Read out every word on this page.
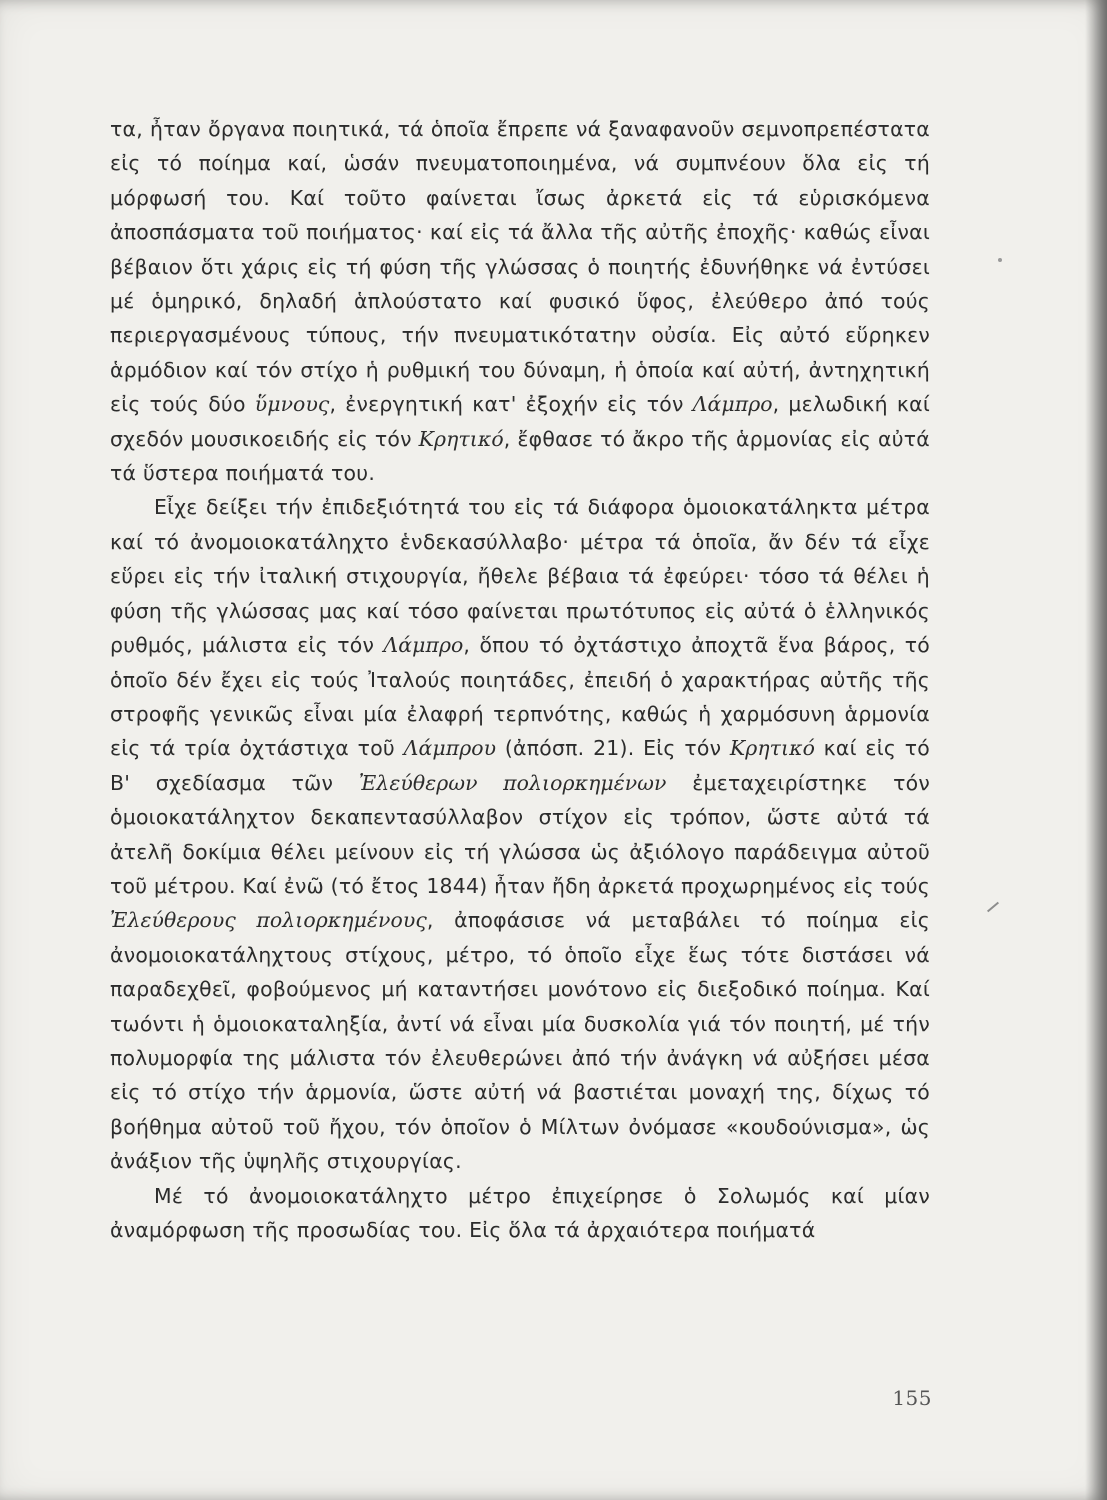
τα, ἦταν ὄργανα ποιητικά, τά ὁποῖα ἔπρεπε νά ξαναφανοῦν σεμνοπρεπέστατα εἰς τό ποίημα καί, ὡσάν πνευματοποιημένα, νά συμπνέουν ὅλα εἰς τή μόρφωσή του. Καί τοῦτο φαίνεται ἴσως ἀρκετά εἰς τά εὑρισκόμενα ἀποσπάσματα τοῦ ποιήματος· καί εἰς τά ἄλλα τῆς αὐτῆς ἐποχῆς· καθώς εἶναι βέβαιον ὅτι χάρις εἰς τή φύση τῆς γλώσσας ὁ ποιητής ἐδυνήθηκε νά ἐντύσει μέ ὁμηρικό, δηλαδή ἁπλούστατο καί φυσικό ὕφος, ἐλεύθερο ἀπό τούς περιεργασμένους τύπους, τήν πνευματικότατην οὐσία. Εἰς αὐτό εὕρηκεν ἁρμόδιον καί τόν στίχο ἡ ρυθμική του δύναμη, ἡ ὁποία καί αὐτή, ἀντηχητική εἰς τούς δύο ὕμνους, ἐνεργητική κατ' ἐξοχήν εἰς τόν Λάμπρο, μελωδική καί σχεδόν μουσικοειδής εἰς τόν Κρητικό, ἔφθασε τό ἄκρο τῆς ἁρμονίας εἰς αὐτά τά ὕστερα ποιήματά του.

Εἶχε δείξει τήν ἐπιδεξιότητά του εἰς τά διάφορα ὁμοιοκατάληκτα μέτρα καί τό ἀνομοιοκατάληχτο ἑνδεκασύλλαβο· μέτρα τά ὁποῖα, ἄν δέν τά εἶχε εὕρει εἰς τήν ἰταλική στιχουργία, ἤθελε βέβαια τά ἐφεύρει· τόσο τά θέλει ἡ φύση τῆς γλώσσας μας καί τόσο φαίνεται πρωτότυπος εἰς αὐτά ὁ ἑλληνικός ρυθμός, μάλιστα εἰς τόν Λάμπρο, ὅπου τό ὀχτάστιχο ἀποχτᾶ ἕνα βάρος, τό ὁποῖο δέν ἔχει εἰς τούς Ἰταλούς ποιητάδες, ἐπειδή ὁ χαρακτήρας αὐτῆς τῆς στροφῆς γενικῶς εἶναι μία ἐλαφρή τερπνότης, καθώς ἡ χαρμόσυνη ἁρμονία εἰς τά τρία ὀχτάστιχα τοῦ Λάμπρου (ἀπόσπ. 21). Εἰς τόν Κρητικό καί εἰς τό Β' σχεδίασμα τῶν Ἐλεύθερων πολιορκημένων ἐμεταχειρίστηκε τόν ὁμοιοκατάληχτον δεκαπεντασύλλαβον στίχον εἰς τρόπον, ὥστε αὐτά τά ἀτελῆ δοκίμια θέλει μείνουν εἰς τή γλώσσα ὡς ἀξιόλογο παράδειγμα αὐτοῦ τοῦ μέτρου. Καί ἐνῶ (τό ἔτος 1844) ἦταν ἤδη ἀρκετά προχωρημένος εἰς τούς Ἐλεύθερους πολιορκημένους, ἀποφάσισε νά μεταβάλει τό ποίημα εἰς ἀνομοιοκατάληχτους στίχους, μέτρο, τό ὁποῖο εἶχε ἕως τότε διστάσει νά παραδεχθεῖ, φοβούμενος μή καταντήσει μονότονο εἰς διεξοδικό ποίημα. Καί τωόντι ἡ ὁμοιοκαταληξία, ἀντί νά εἶναι μία δυσκολία γιά τόν ποιητή, μέ τήν πολυμορφία της μάλιστα τόν ἐλευθερώνει ἀπό τήν ἀνάγκη νά αὐξήσει μέσα εἰς τό στίχο τήν ἁρμονία, ὥστε αὐτή νά βαστιέται μοναχή της, δίχως τό βοήθημα αὐτοῦ τοῦ ἤχου, τόν ὁποῖον ὁ Μίλτων ὀνόμασε «κουδούνισμα», ὡς ἀνάξιον τῆς ὑψηλῆς στιχουργίας.

Μέ τό ἀνομοιοκατάληχτο μέτρο ἐπιχείρησε ὁ Σολωμός καί μίαν ἀναμόρφωση τῆς προσωδίας του. Εἰς ὅλα τά ἀρχαιότερα ποιήματά

155
